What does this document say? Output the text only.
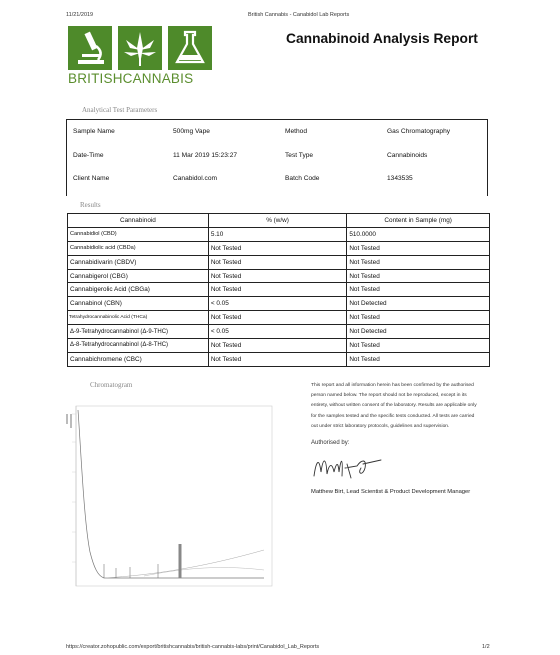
11/21/2019	British Cannabis - Canabidol Lab Reports
BRITISHCANNABIS
Cannabinoid Analysis Report
Analytical Test Parameters
Sample Name	500mg Vape	Method	Gas Chromatography
Date-Time	11 Mar 2019 15:23:27	Test Type	Cannabinoids
Client Name	Canabidol.com	Batch Code	1343535
Results
Cannabinoid	% (w/w)	Content in Sample (mg)
Cannabidiol (CBD)	5.10	510.0000
Cannabidiolic acid (CBDa)	Not Tested	Not Tested
Cannabidivarin (CBDV)	Not Tested	Not Tested
Cannabigerol (CBG)	Not Tested	Not Tested
Cannabigerolic Acid (CBGa)	Not Tested	Not Tested
Cannabinol (CBN)	< 0.05	Not Detected
Tetrahydrocannabinolic Acid (THCa)	Not Tested	Not Tested
Δ-9-Tetrahydrocannabinol (Δ-9-THC)	< 0.05	Not Detected
Δ-8-Tetrahydrocannabinol (Δ-8-THC)	Not Tested	Not Tested
Cannabichromene (CBC)	Not Tested	Not Tested
Chromatogram	This report and all information herein has been confirmed by the authorised
person named below. The report should not be reproduced, except in its
entirety, without written consent of the laboratory. Results are applicable only
for the samples tested and the specific tests conducted. All tests are carried
out under strict laboratory protocols, guidelines and supervision.
Authorised by:
Matthew Birt, Lead Scientist & Product Development Manager
https://creator.zohopublic.com/export/britishcannabis/british-cannabis-labs/print/Canabidol_Lab_Reports	1/2
